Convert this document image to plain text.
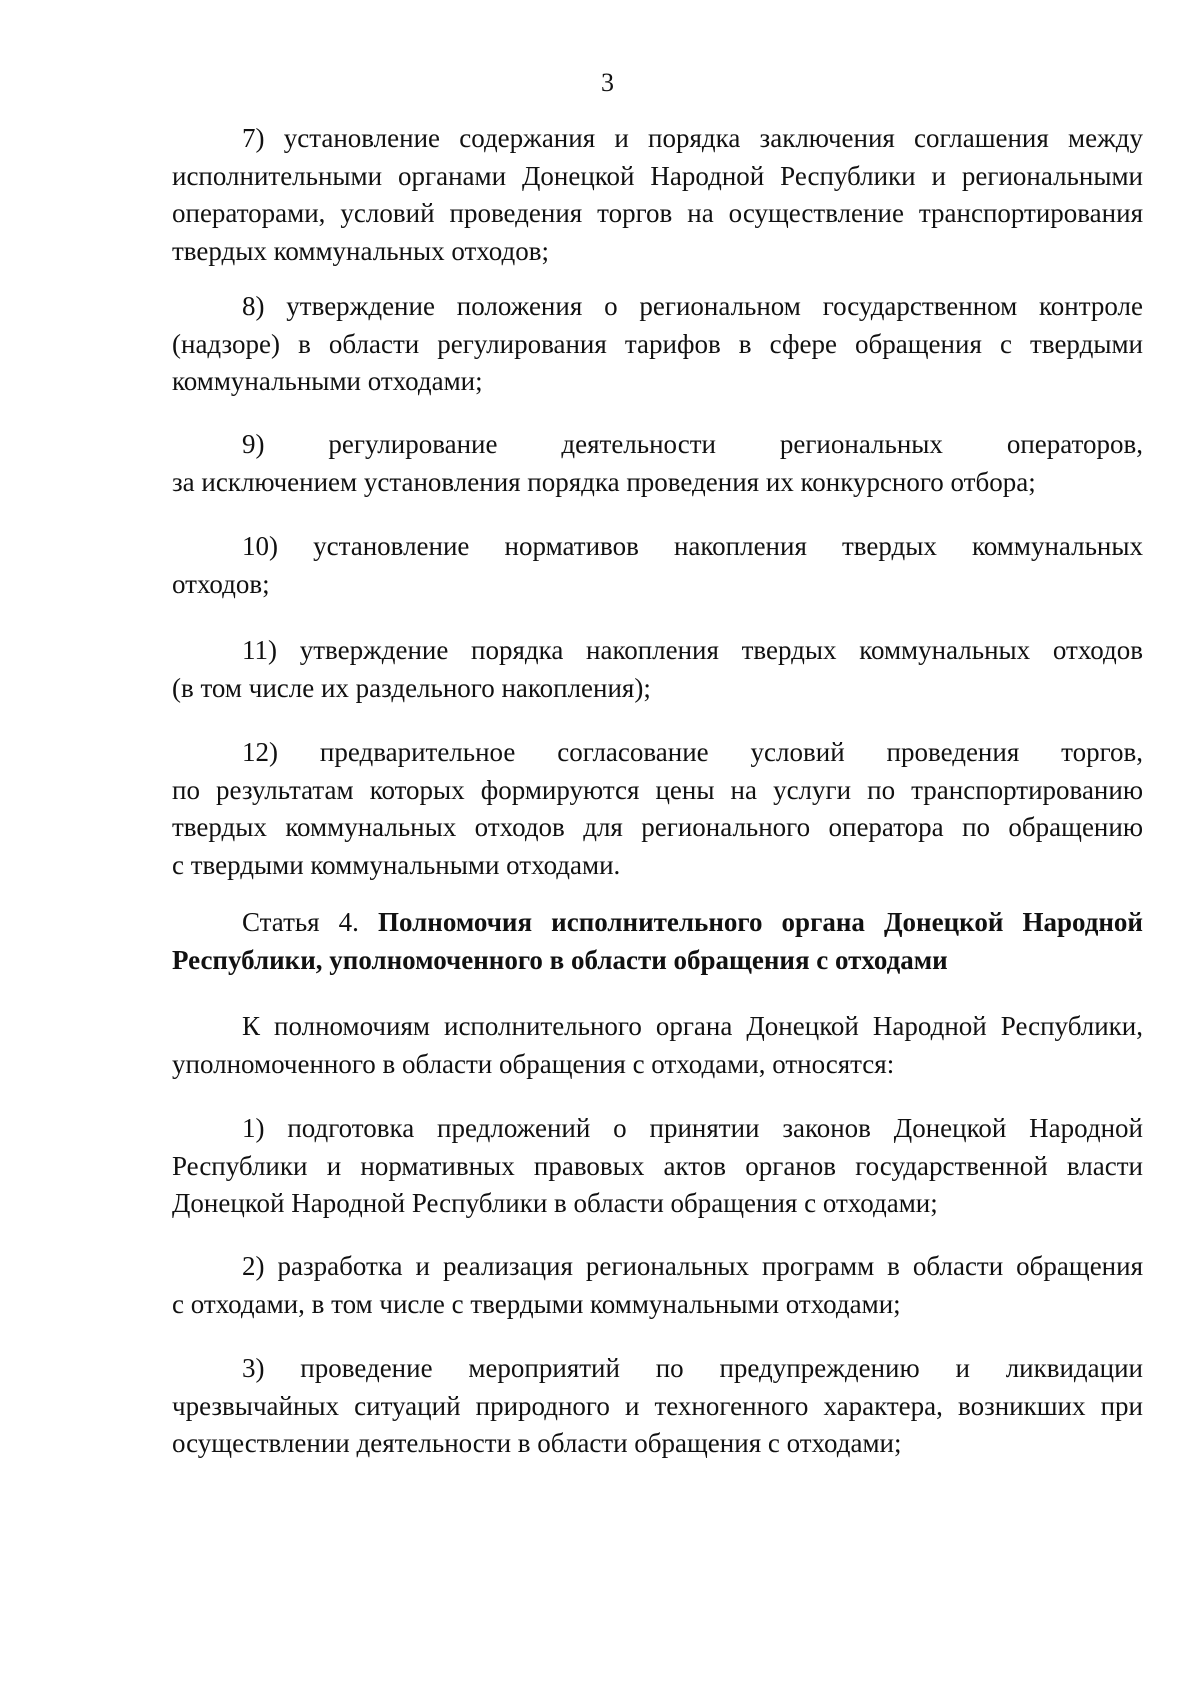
3
7) установление содержания и порядка заключения соглашения между
исполнительными органами Донецкой Народной Республики и региональными
операторами, условий проведения торгов на осуществление транспортирования
твердых коммунальных отходов;
8) утверждение положения о региональном государственном контроле
(надзоре) в области регулирования тарифов в сфере обращения с твердыми
коммунальными отходами;
9) регулирование деятельности региональных операторов,
за исключением установления порядка проведения их конкурсного отбора;
10) установление нормативов накопления твердых коммунальных
отходов;
11) утверждение порядка накопления твердых коммунальных отходов
(в том числе их раздельного накопления);
12) предварительное согласование условий проведения торгов,
по результатам которых формируются цены на услуги по транспортированию
твердых коммунальных отходов для регионального оператора по обращению
с твердыми коммунальными отходами.
Статья 4. Полномочия исполнительного органа Донецкой Народной
Республики, уполномоченного в области обращения с отходами
К полномочиям исполнительного органа Донецкой Народной Республики,
уполномоченного в области обращения с отходами, относятся:
1) подготовка предложений о принятии законов Донецкой Народной
Республики и нормативных правовых актов органов государственной власти
Донецкой Народной Республики в области обращения с отходами;
2) разработка и реализация региональных программ в области обращения
с отходами, в том числе с твердыми коммунальными отходами;
3) проведение мероприятий по предупреждению и ликвидации
чрезвычайных ситуаций природного и техногенного характера, возникших при
осуществлении деятельности в области обращения с отходами;
